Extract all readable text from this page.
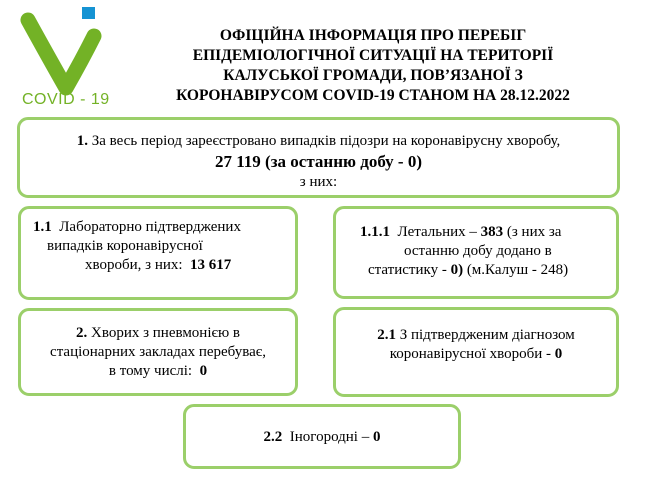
COVID - 19
ОФІЦІЙНА ІНФОРМАЦІЯ ПРО ПЕРЕБІГ
ЕПІДЕМІОЛОГІЧНОЇ СИТУАЦІЇ НА ТЕРИТОРІЇ
КАЛУСЬКОЇ ГРОМАДИ, ПОВ’ЯЗАНОЇ З
КОРОНАВІРУСОМ COVID-19 СТАНОМ НА 28.12.2022
1. За весь період зареєстровано випадків підозри на коронавірусну хворобу,
27 119 (за останню добу - 0)
з них:
1.1  Лабораторно підтверджених
випадків коронавірусної
хвороби, з них:  13 617
1.1.1  Летальних – 383 (з них за
останню добу додано в
статистику - 0) (м.Калуш - 248)
2. Хворих з пневмонією в
стаціонарних закладах перебуває,
в тому числі:  0
2.1 З підтвердженим діагнозом
коронавірусної хвороби - 0
2.2  Іногородні – 0
